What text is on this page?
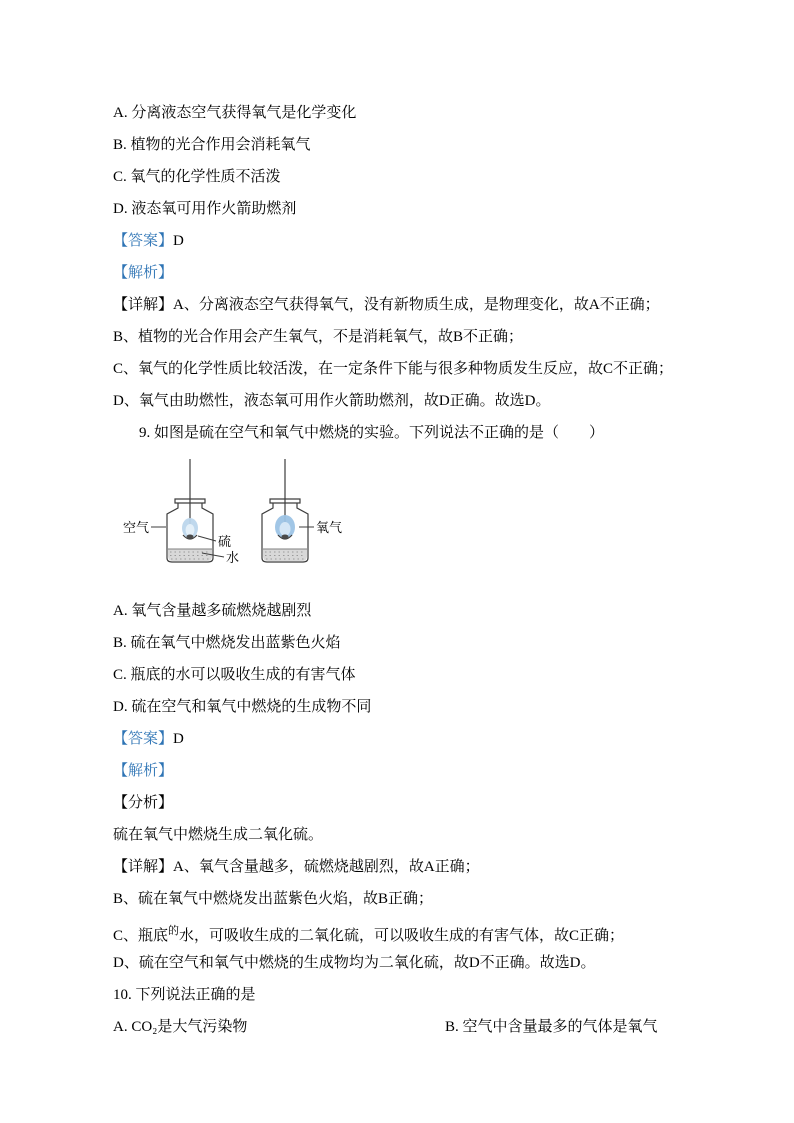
A. 分离液态空气获得氧气是化学变化

B. 植物的光合作用会消耗氧气

C. 氧气的化学性质不活泼

D. 液态氧可用作火箭助燃剂

【答案】D

【解析】

【详解】A、分离液态空气获得氧气，没有新物质生成，是物理变化，故A不正确；

B、植物的光合作用会产生氧气，不是消耗氧气，故B不正确；

C、氧气的化学性质比较活泼，在一定条件下能与很多种物质发生反应，故C不正确；

D、氧气由助燃性，液态氧可用作火箭助燃剂，故D正确。故选D。

9. 如图是硫在空气和氧气中燃烧的实验。下列说法不正确的是（　　）

空气
硫
水
氧气

A. 氧气含量越多硫燃烧越剧烈

B. 硫在氧气中燃烧发出蓝紫色火焰

C. 瓶底的水可以吸收生成的有害气体

D. 硫在空气和氧气中燃烧的生成物不同

【答案】D

【解析】

【分析】

硫在氧气中燃烧生成二氧化硫。

【详解】A、氧气含量越多，硫燃烧越剧烈，故A正确；

B、硫在氧气中燃烧发出蓝紫色火焰，故B正确；

C、瓶底$^的$水，可吸收生成的二氧化硫，可以吸收生成的有害气体，故C正确；

D、硫在空气和氧气中燃烧的生成物均为二氧化硫，故D不正确。故选D。

10. 下列说法正确的是

A. CO₂是大气污染物	B. 空气中含量最多的气体是氧气
